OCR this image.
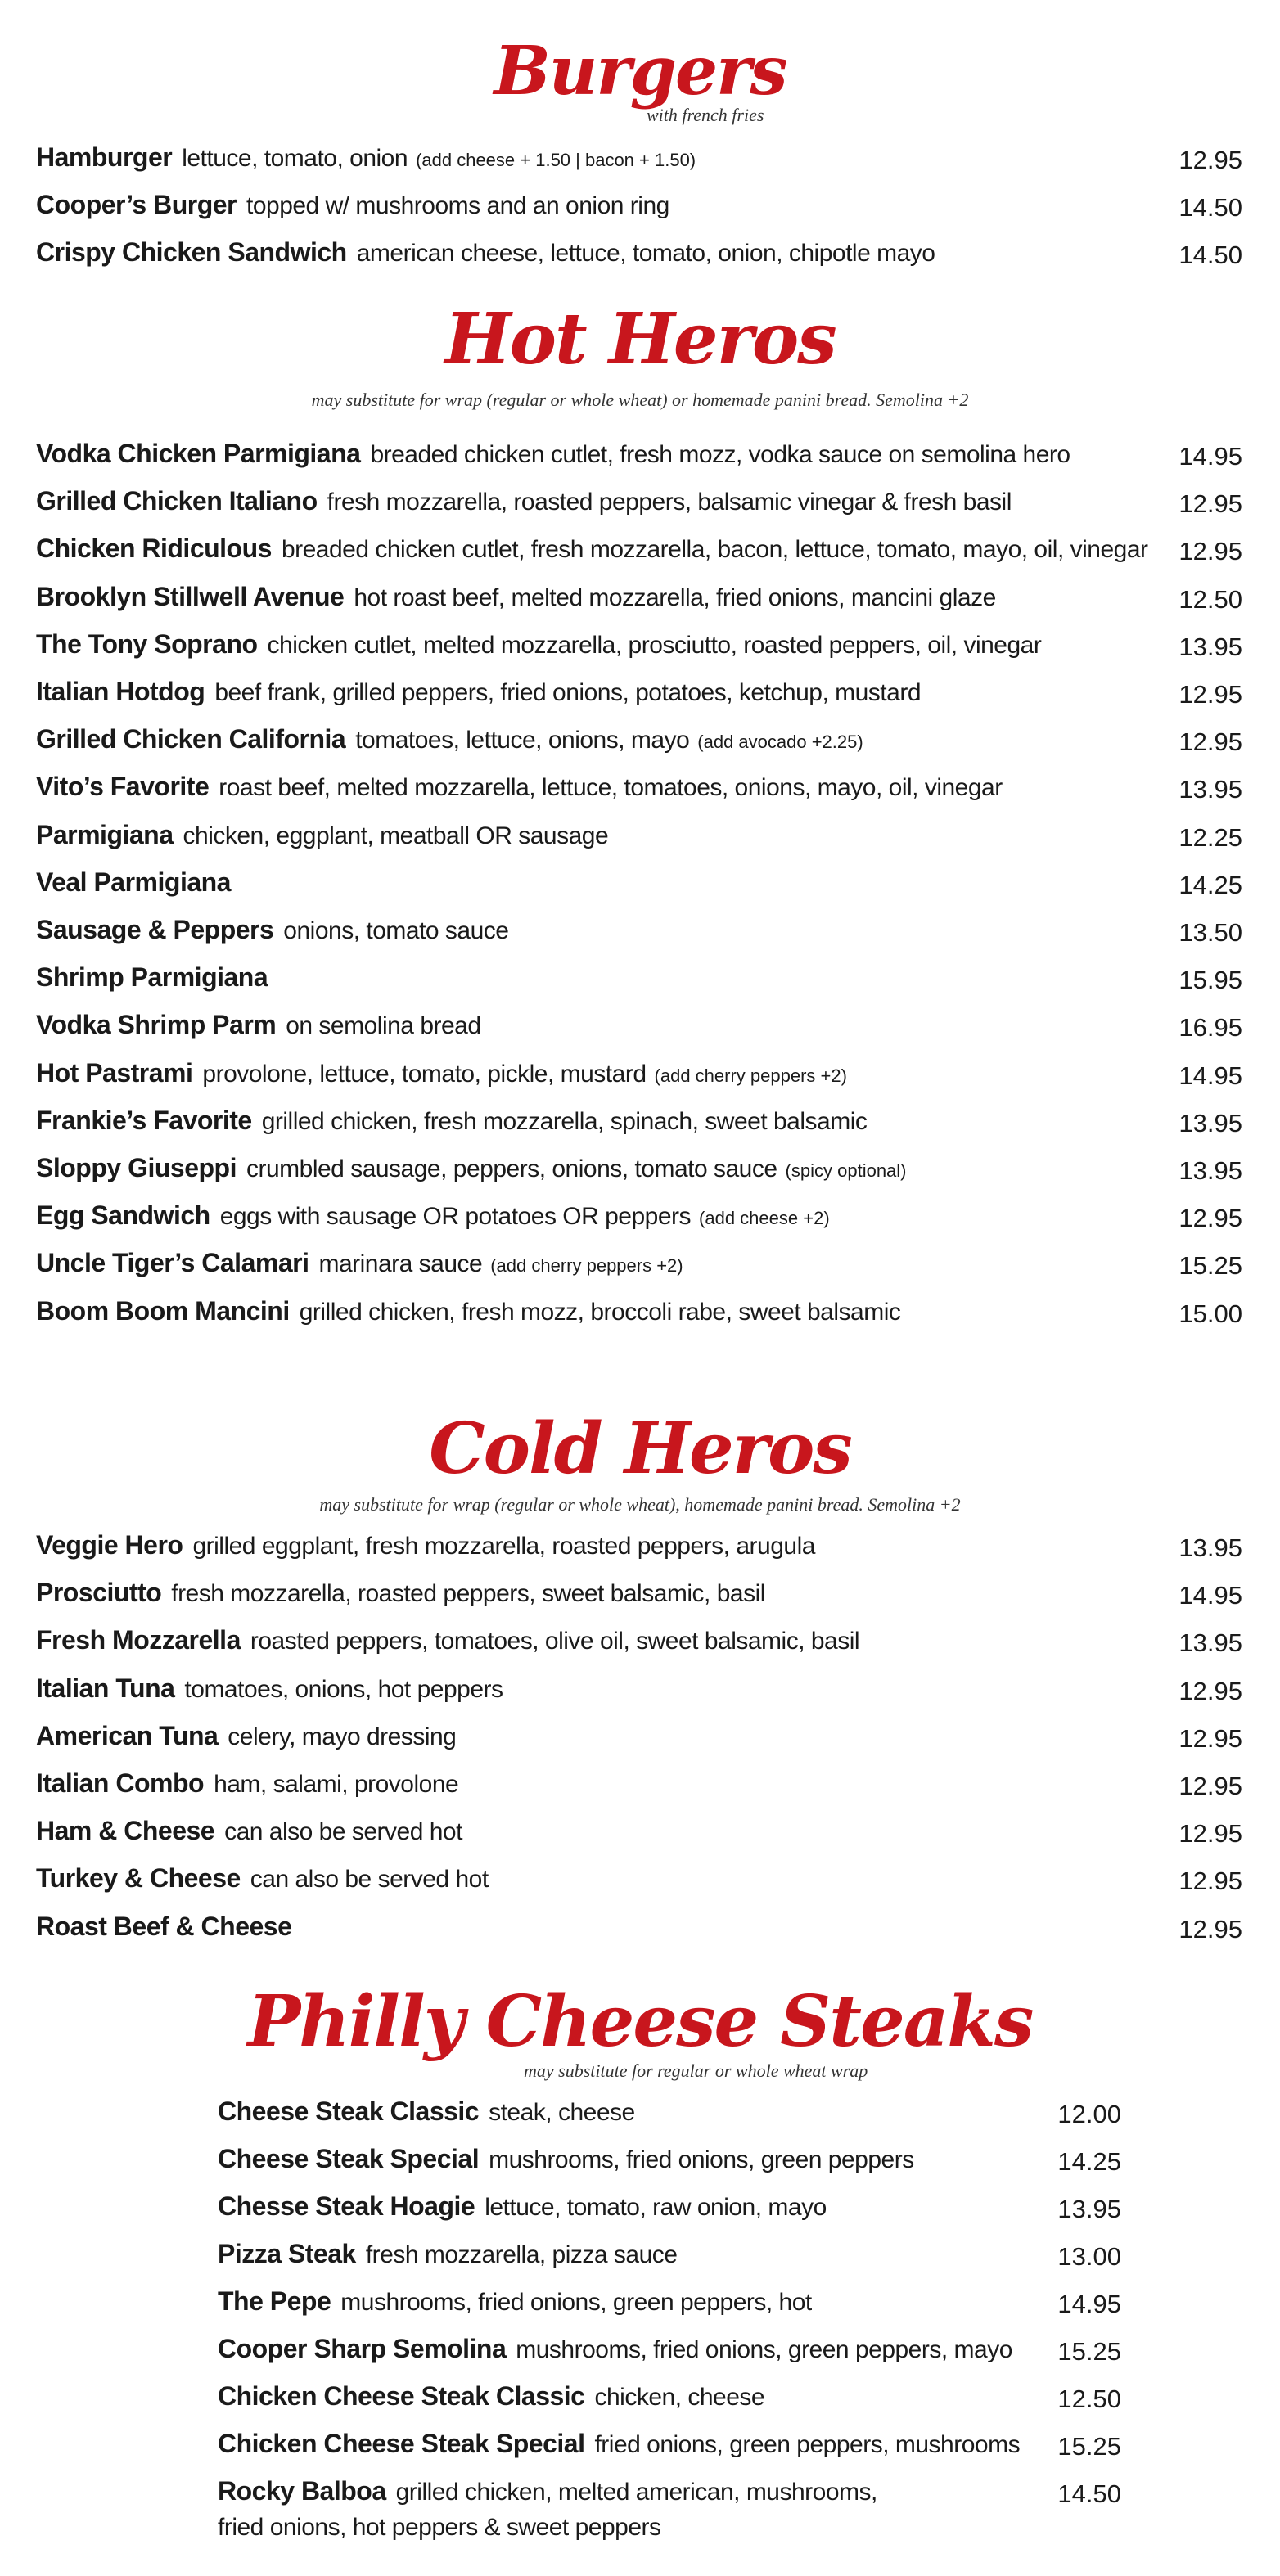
Burgers

with french fries

Hamburger lettuce, tomato, onion (add cheese + 1.50 | bacon + 1.50)	12.95
Cooper’s Burger topped w/ mushrooms and an onion ring	14.50
Crispy Chicken Sandwich american cheese, lettuce, tomato, onion, chipotle mayo	14.50
Hot Heros

may substitute for wrap (regular or whole wheat) or homemade panini bread. Semolina +2

Vodka Chicken Parmigiana breaded chicken cutlet, fresh mozz, vodka sauce on semolina hero	14.95
Grilled Chicken Italiano fresh mozzarella, roasted peppers, balsamic vinegar & fresh basil	12.95
Chicken Ridiculous breaded chicken cutlet, fresh mozzarella, bacon, lettuce, tomato, mayo, oil, vinegar	12.95
Brooklyn Stillwell Avenue hot roast beef, melted mozzarella, fried onions, mancini glaze	12.50
The Tony Soprano chicken cutlet, melted mozzarella, prosciutto, roasted peppers, oil, vinegar	13.95
Italian Hotdog beef frank, grilled peppers, fried onions, potatoes, ketchup, mustard	12.95
Grilled Chicken California tomatoes, lettuce, onions, mayo (add avocado +2.25)	12.95
Vito’s Favorite roast beef, melted mozzarella, lettuce, tomatoes, onions, mayo, oil, vinegar	13.95
Parmigiana chicken, eggplant, meatball OR sausage	12.25
Veal Parmigiana	14.25
Sausage & Peppers onions, tomato sauce	13.50
Shrimp Parmigiana	15.95
Vodka Shrimp Parm on semolina bread	16.95
Hot Pastrami provolone, lettuce, tomato, pickle, mustard (add cherry peppers +2)	14.95
Frankie’s Favorite grilled chicken, fresh mozzarella, spinach, sweet balsamic	13.95
Sloppy Giuseppi crumbled sausage, peppers, onions, tomato sauce (spicy optional)	13.95
Egg Sandwich eggs with sausage OR potatoes OR peppers (add cheese +2)	12.95
Uncle Tiger’s Calamari marinara sauce (add cherry peppers +2)	15.25
Boom Boom Mancini grilled chicken, fresh mozz, broccoli rabe, sweet balsamic	15.00
Cold Heros

may substitute for wrap (regular or whole wheat), homemade panini bread. Semolina +2

Veggie Hero grilled eggplant, fresh mozzarella, roasted peppers, arugula	13.95
Prosciutto fresh mozzarella, roasted peppers, sweet balsamic, basil	14.95
Fresh Mozzarella roasted peppers, tomatoes, olive oil, sweet balsamic, basil	13.95
Italian Tuna tomatoes, onions, hot peppers	12.95
American Tuna celery, mayo dressing	12.95
Italian Combo ham, salami, provolone	12.95
Ham & Cheese can also be served hot	12.95
Turkey & Cheese can also be served hot	12.95
Roast Beef & Cheese	12.95
Philly Cheese Steaks

may substitute for regular or whole wheat wrap

Cheese Steak Classic steak, cheese	12.00
Cheese Steak Special mushrooms, fried onions, green peppers	14.25
Chesse Steak Hoagie lettuce, tomato, raw onion, mayo	13.95
Pizza Steak fresh mozzarella, pizza sauce	13.00
The Pepe mushrooms, fried onions, green peppers, hot	14.95
Cooper Sharp Semolina mushrooms, fried onions, green peppers, mayo	15.25
Chicken Cheese Steak Classic chicken, cheese	12.50
Chicken Cheese Steak Special fried onions, green peppers, mushrooms	15.25
Rocky Balboa grilled chicken, melted american, mushrooms,
fried onions, hot peppers & sweet peppers
14.50
